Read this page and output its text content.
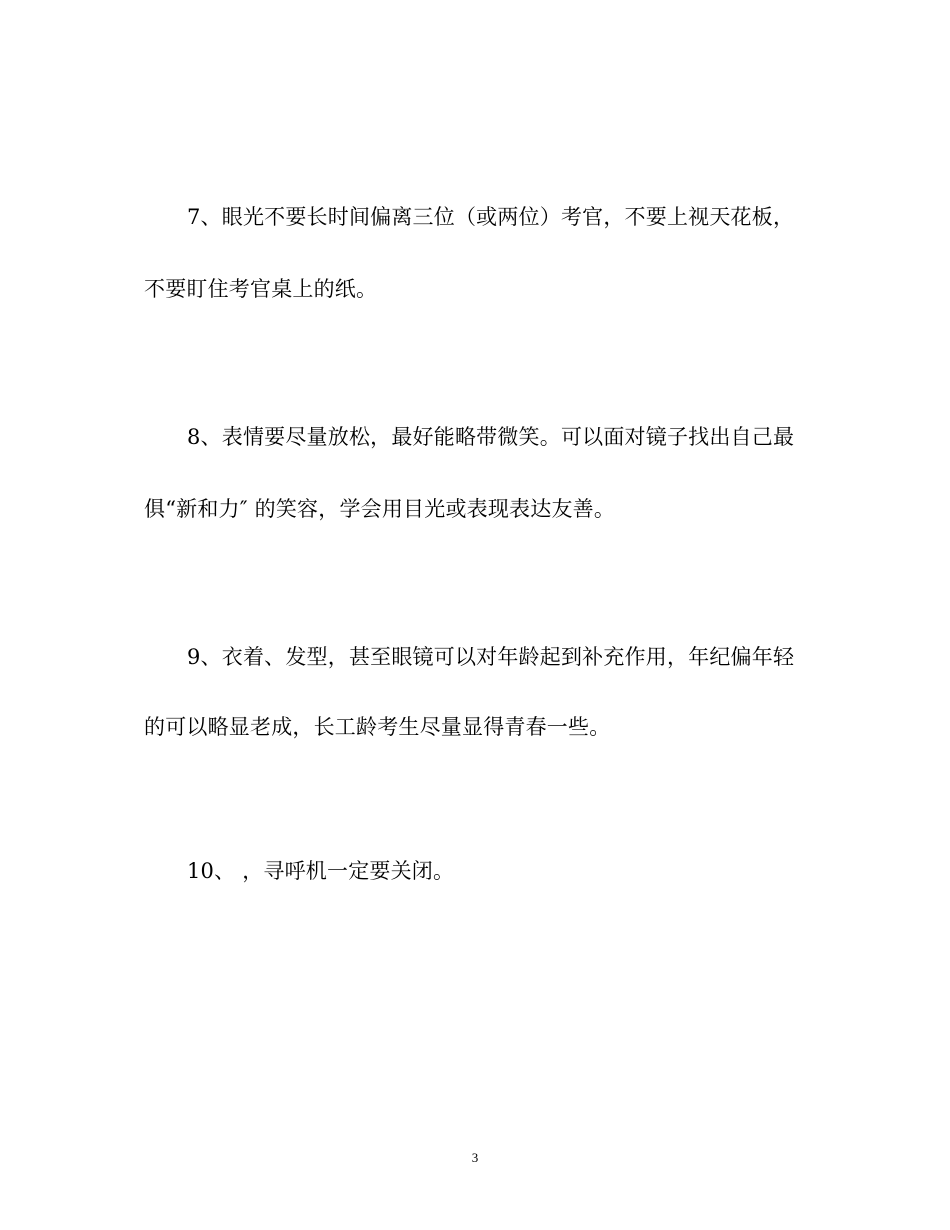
7、眼光不要长时间偏离三位（或两位）考官，不要上视天花板，
不要盯住考官桌上的纸。
8、表情要尽量放松，最好能略带微笑。可以面对镜子找出自己最
俱“新和力″ 的笑容，学会用目光或表现表达友善。
9、衣着、发型，甚至眼镜可以对年龄起到补充作用，年纪偏年轻
的可以略显老成，长工龄考生尽量显得青春一些。
10、 ，寻呼机一定要关闭。
3
